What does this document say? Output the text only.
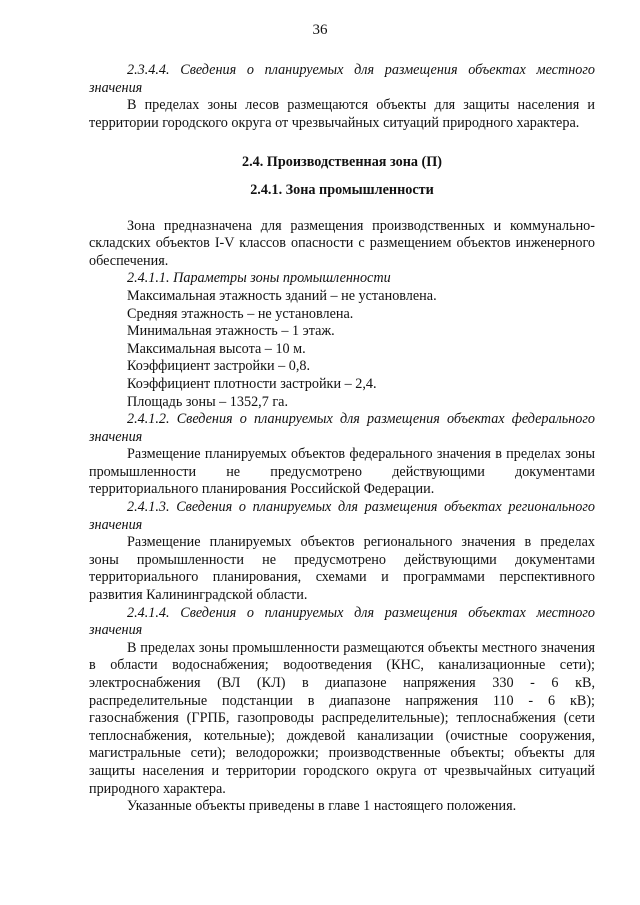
36

2.3.4.4. Сведения о планируемых для размещения объектах местного значения

В пределах зоны лесов размещаются объекты для защиты населения и территории городского округа от чрезвычайных ситуаций природного характера.

2.4. Производственная зона (П)

2.4.1. Зона промышленности

Зона предназначена для размещения производственных и коммунально-складских объектов I-V классов опасности с размещением объектов инженерного обеспечения.

2.4.1.1. Параметры зоны промышленности

Максимальная этажность зданий – не установлена.

Средняя этажность – не установлена.

Минимальная этажность – 1 этаж.

Максимальная высота – 10 м.

Коэффициент застройки – 0,8.

Коэффициент плотности застройки – 2,4.

Площадь зоны – 1352,7 га.

2.4.1.2. Сведения о планируемых для размещения объектах федерального значения

Размещение планируемых объектов федерального значения в пределах зоны промышленности не предусмотрено действующими документами территориального планирования Российской Федерации.

2.4.1.3. Сведения о планируемых для размещения объектах регионального значения

Размещение планируемых объектов регионального значения в пределах зоны промышленности не предусмотрено действующими документами территориального планирования, схемами и программами перспективного развития Калининградской области.

2.4.1.4. Сведения о планируемых для размещения объектах местного значения

В пределах зоны промышленности размещаются объекты местного значения в области водоснабжения; водоотведения (КНС, канализационные сети); электроснабжения (ВЛ (КЛ) в диапазоне напряжения 330 - 6 кВ, распределительные подстанции в диапазоне напряжения 110 - 6 кВ); газоснабжения (ГРПБ, газопроводы распределительные); теплоснабжения (сети теплоснабжения, котельные); дождевой канализации (очистные сооружения, магистральные сети); велодорожки; производственные объекты; объекты для защиты населения и территории городского округа от чрезвычайных ситуаций природного характера.

Указанные объекты приведены в главе 1 настоящего положения.
